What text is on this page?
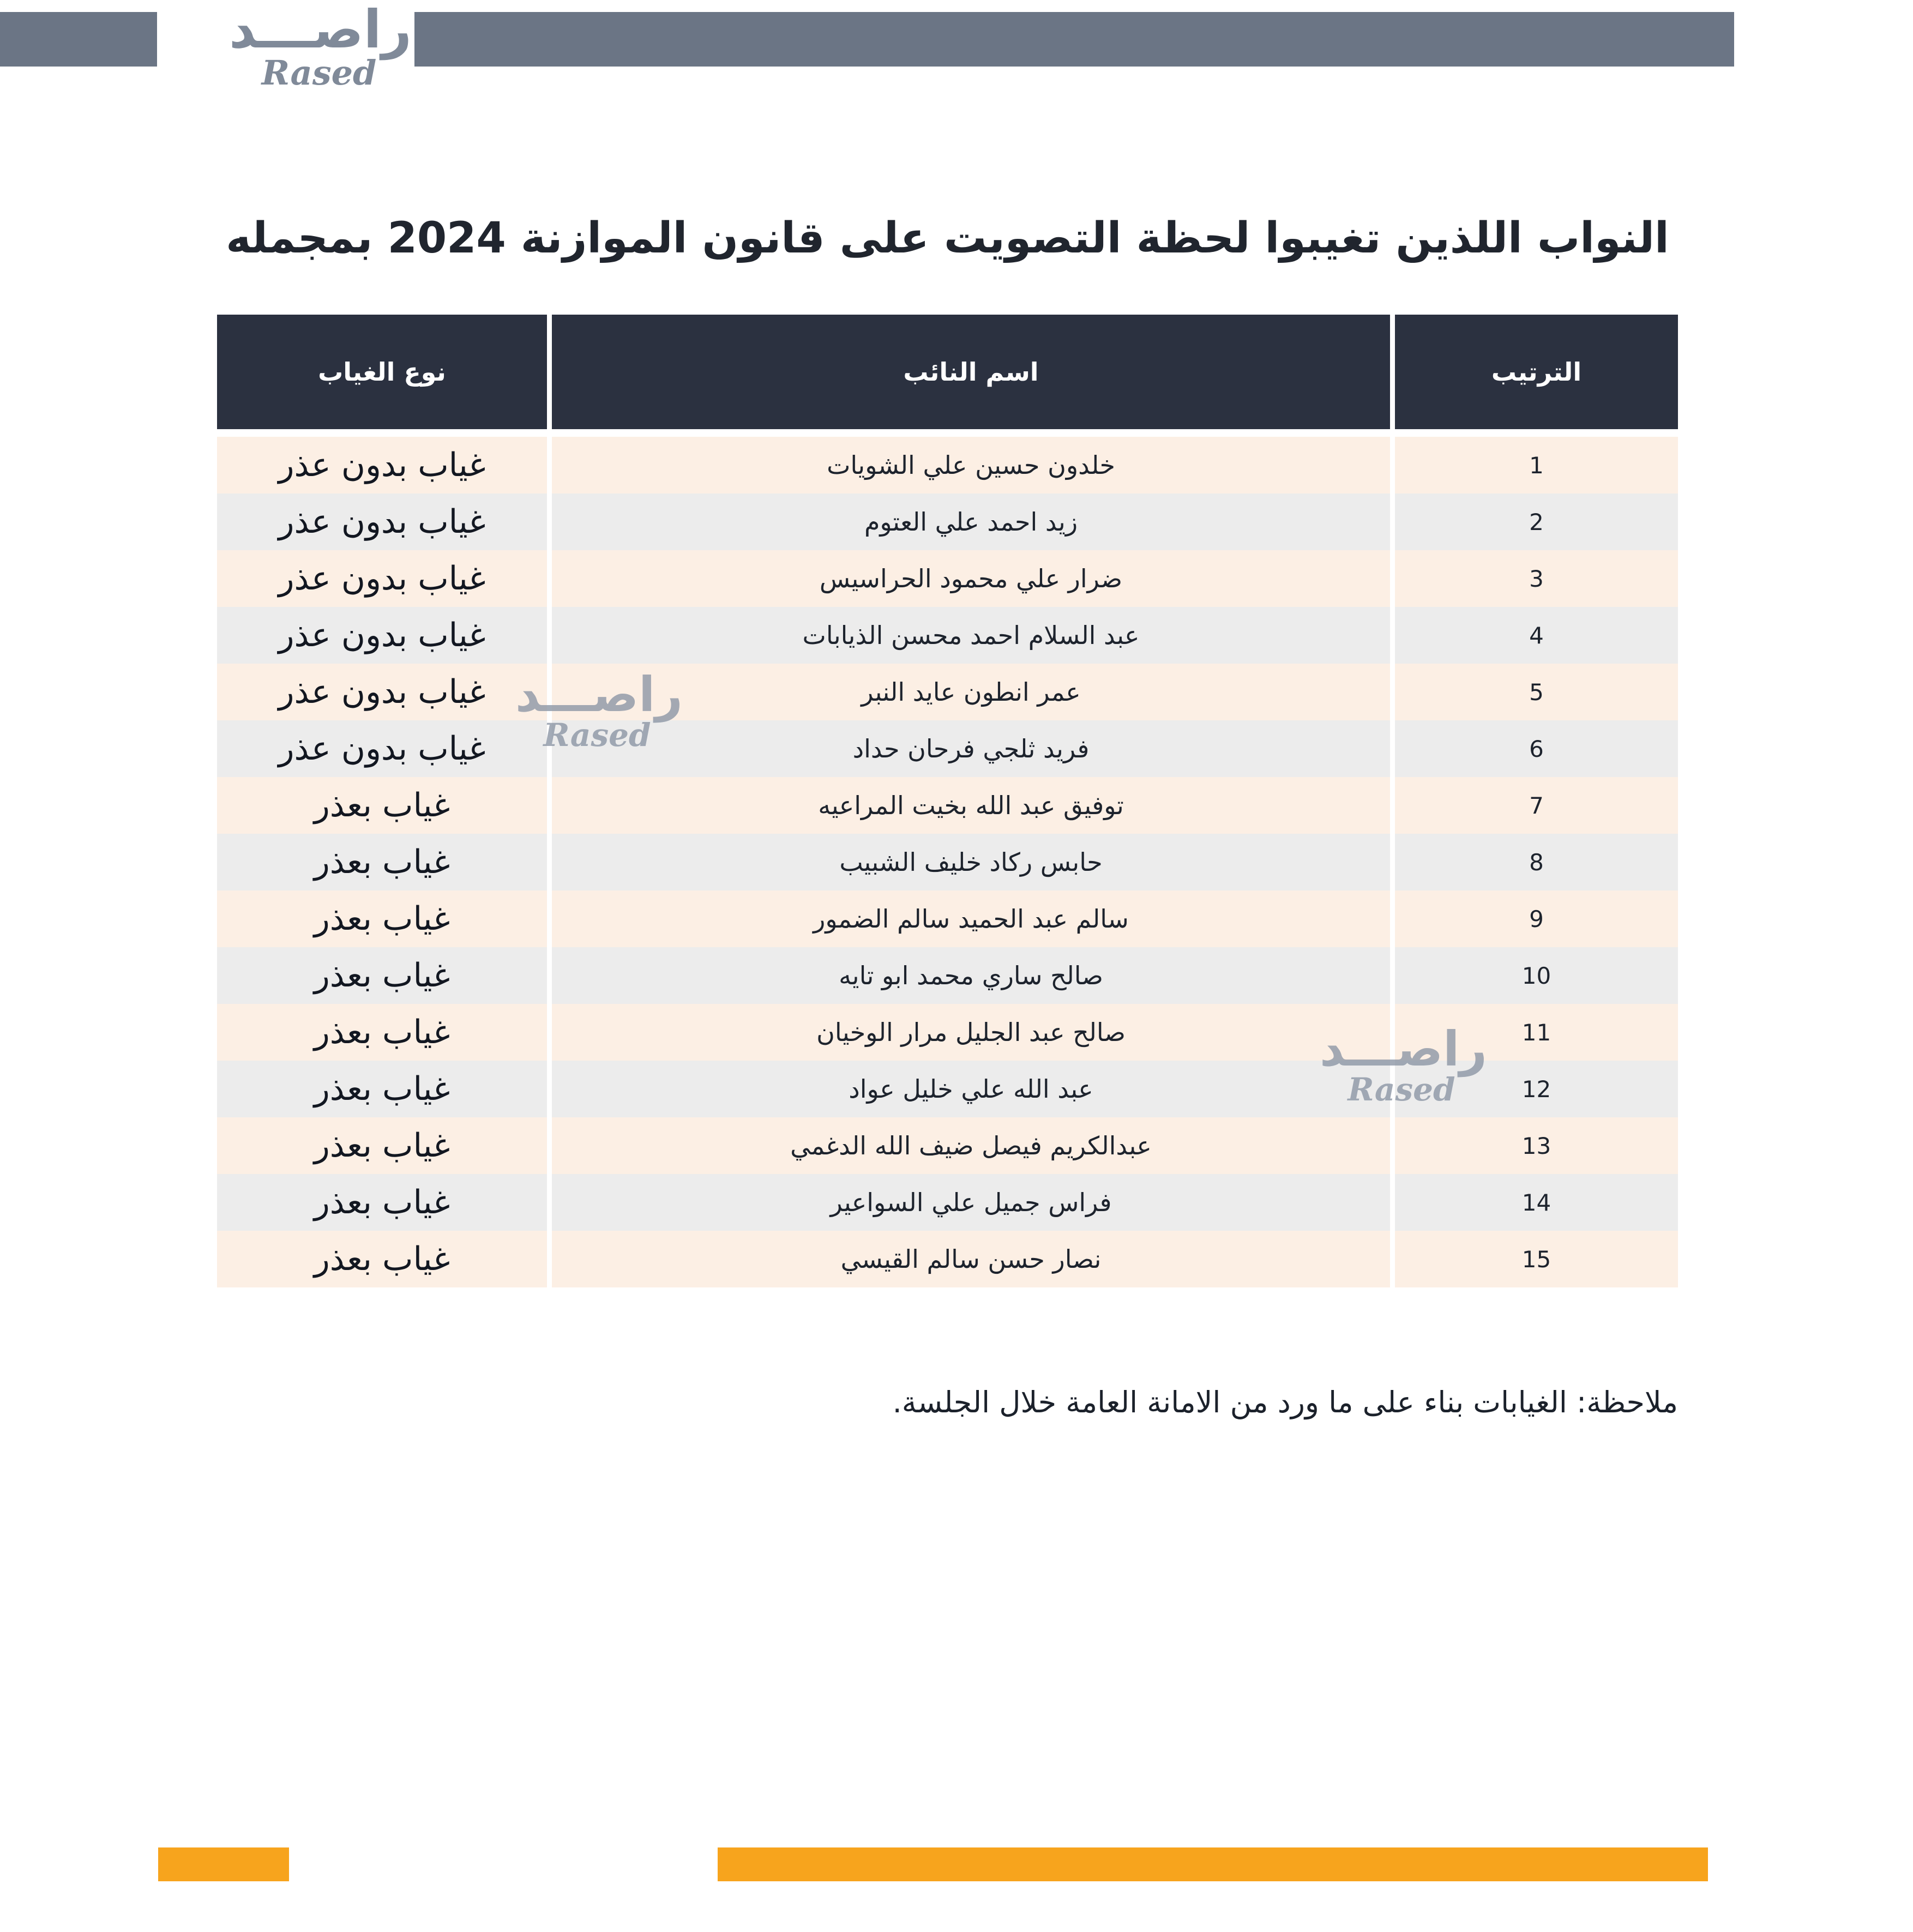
راصـــد
Rased
النواب اللذين تغيبوا لحظة التصويت على قانون الموازنة 2024 بمجمله
الترتيب
اسم النائب
نوع الغياب
1
خلدون حسين علي الشويات
غياب بدون عذر
2
زيد احمد علي العتوم
غياب بدون عذر
3
ضرار علي محمود الحراسيس
غياب بدون عذر
4
عبد السلام احمد محسن الذيابات
غياب بدون عذر
5
عمر انطون عايد النبر
غياب بدون عذر
6
فريد ثلجي فرحان حداد
غياب بدون عذر
7
توفيق عبد الله بخيت المراعيه
غياب بعذر
8
حابس ركاد خليف الشبيب
غياب بعذر
9
سالم عبد الحميد سالم الضمور
غياب بعذر
10
صالح ساري محمد ابو تايه
غياب بعذر
11
صالح عبد الجليل مرار الوخيان
غياب بعذر
12
عبد الله علي خليل عواد
غياب بعذر
13
عبدالكريم فيصل ضيف الله الدغمي
غياب بعذر
14
فراس جميل علي السواعير
غياب بعذر
15
نصار حسن سالم القيسي
غياب بعذر
راصـــد
Rased
راصـــد
Rased
ملاحظة: الغيابات بناء على ما ورد من الامانة العامة خلال الجلسة.
